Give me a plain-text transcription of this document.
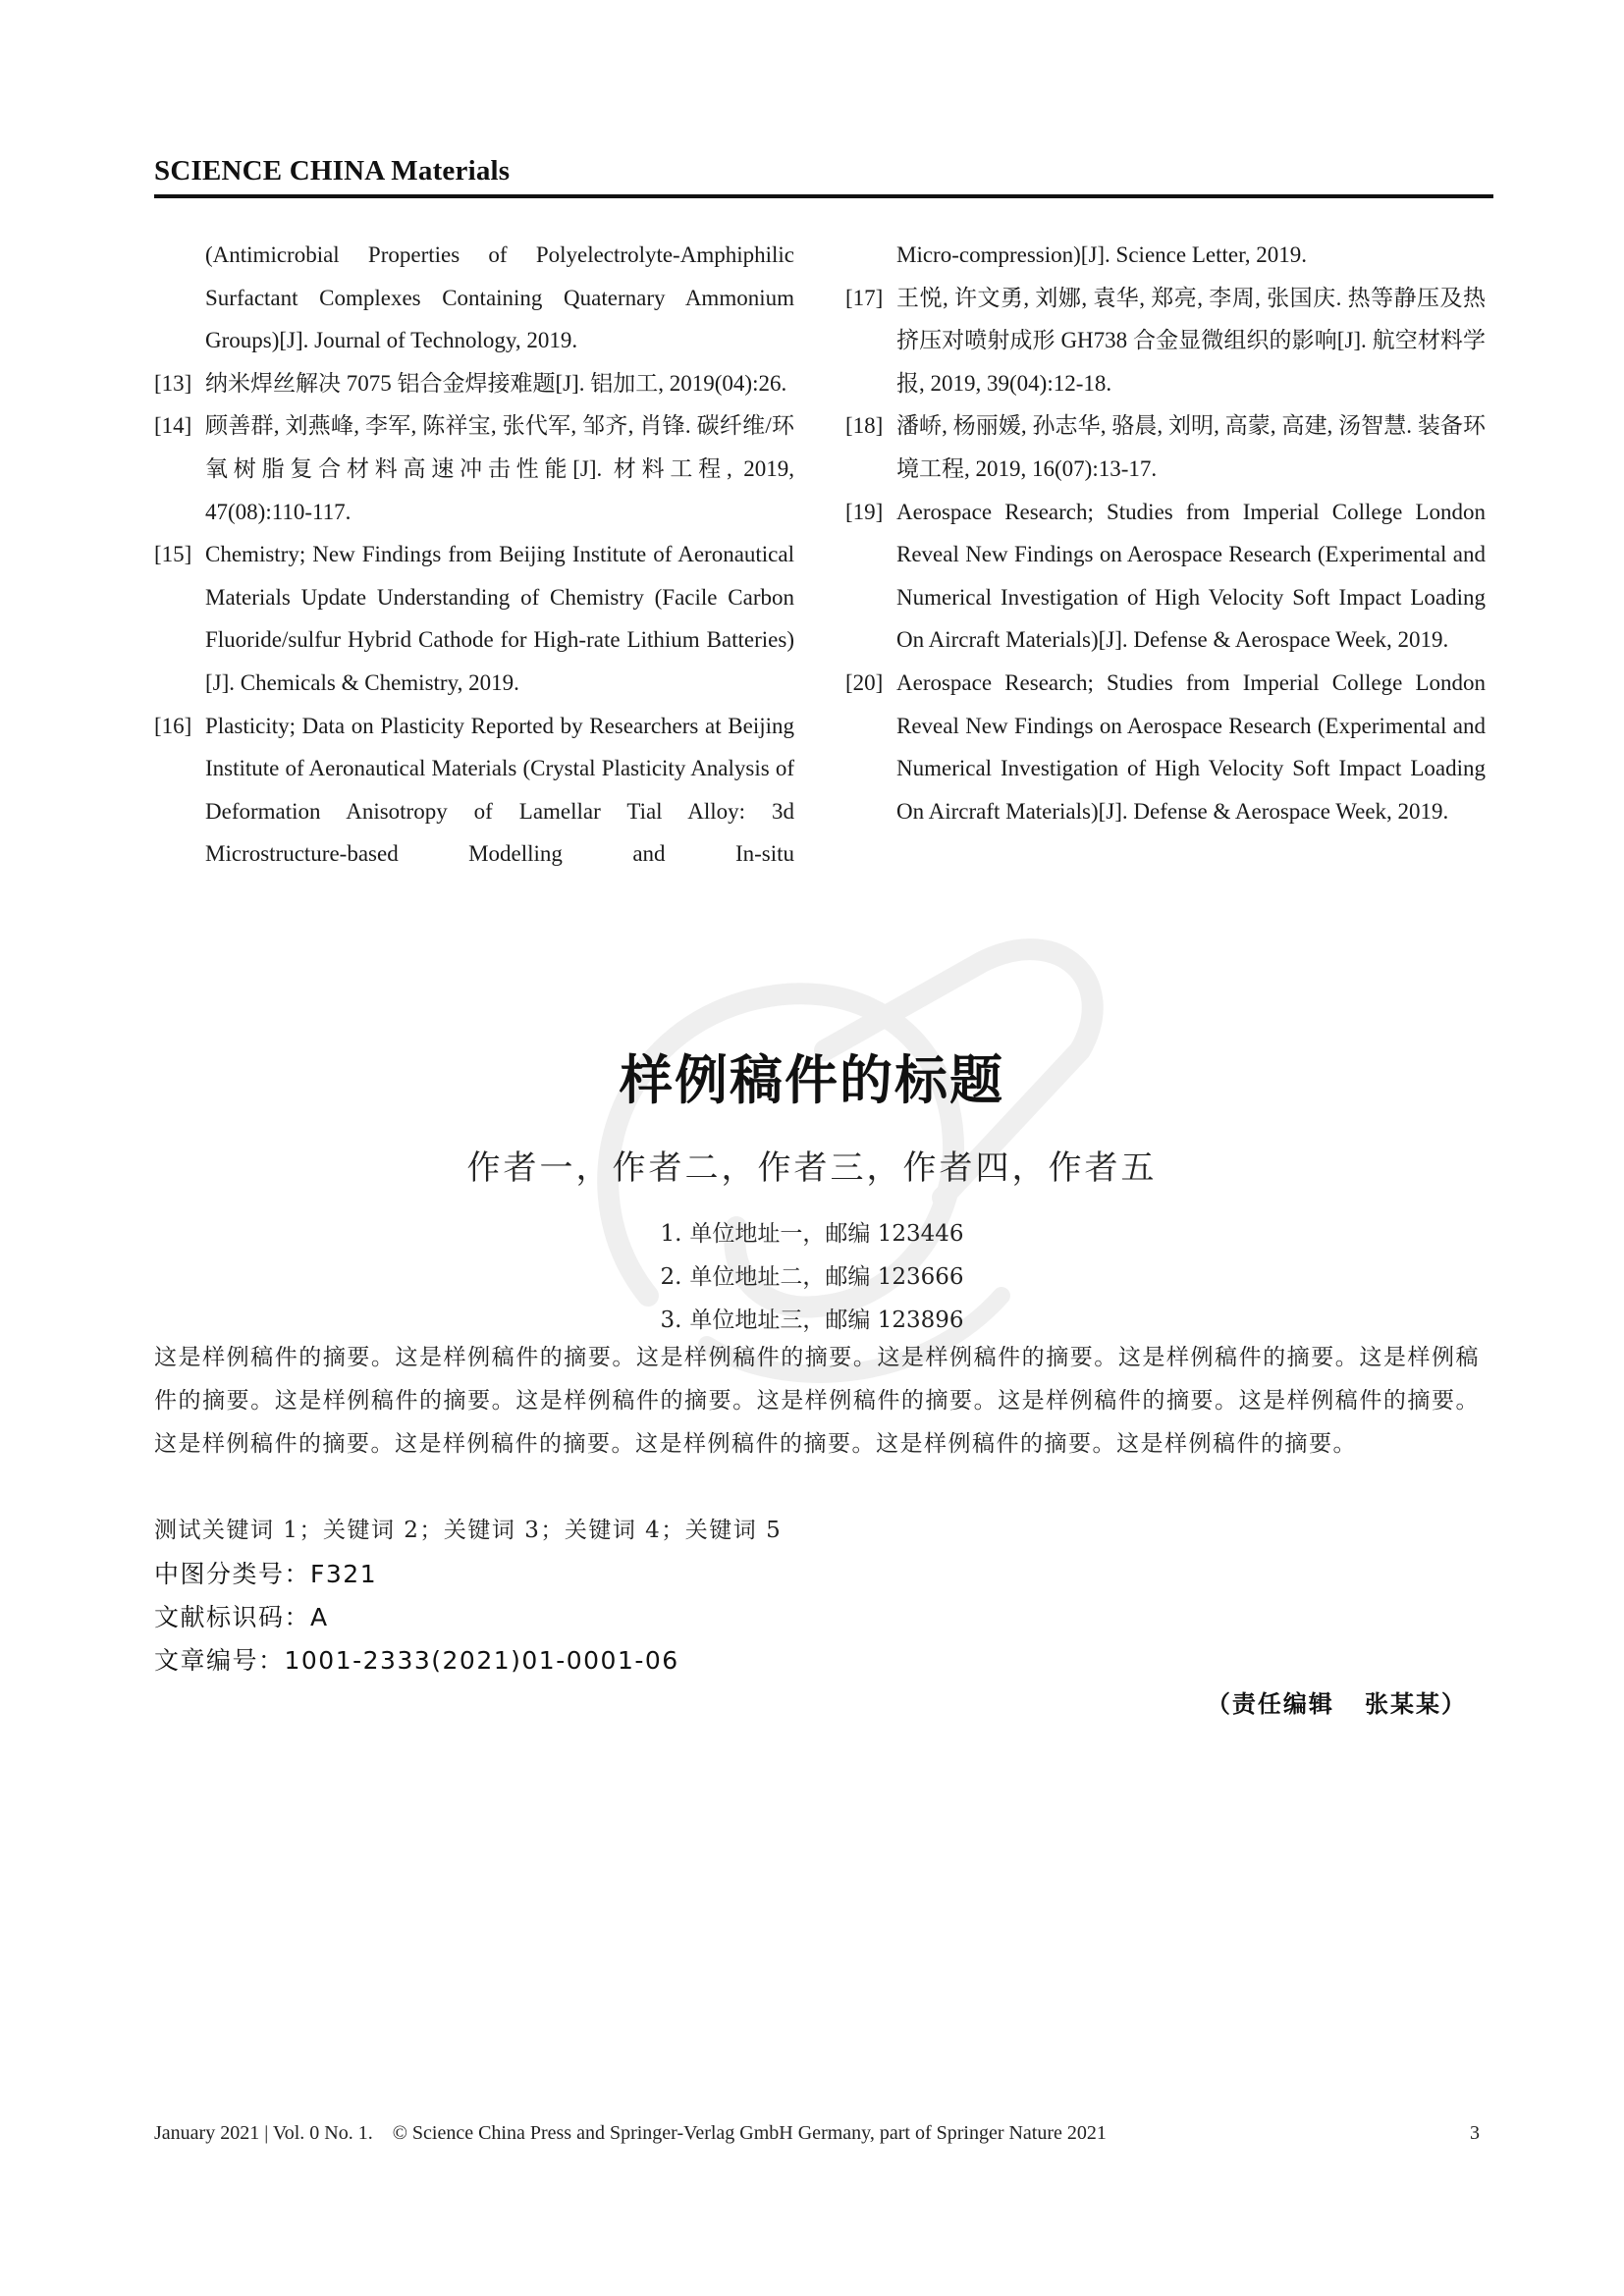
SCIENCE CHINA Materials
(Antimicrobial Properties of Polyelectrolyte-Amphiphilic
Surfactant Complexes Containing Quaternary Ammonium
Groups)[J]. Journal of Technology, 2019.
[13] 纳米焊丝解决 7075 铝合金焊接难题[J]. 铝加工, 2019(04):26.
[14] 顾善群, 刘燕峰, 李军, 陈祥宝, 张代军, 邹齐, 肖锋. 碳纤维/环氧树脂复合材料高速冲击性能[J]. 材料工程, 2019, 47(08):110-117.
[15] Chemistry; New Findings from Beijing Institute of Aeronautical Materials Update Understanding of Chemistry (Facile Carbon Fluoride/sulfur Hybrid Cathode for High-rate Lithium Batteries)[J]. Chemicals & Chemistry, 2019.
[16] Plasticity; Data on Plasticity Reported by Researchers at Beijing Institute of Aeronautical Materials (Crystal Plasticity Analysis of Deformation Anisotropy of Lamellar Tial Alloy: 3d Microstructure-based Modelling and In-situ
Micro-compression)[J]. Science Letter, 2019.
[17] 王悦, 许文勇, 刘娜, 袁华, 郑亮, 李周, 张国庆. 热等静压及热挤压对喷射成形 GH738 合金显微组织的影响[J]. 航空材料学报, 2019, 39(04):12-18.
[18] 潘峤, 杨丽媛, 孙志华, 骆晨, 刘明, 高蒙, 高建, 汤智慧. 装备环境工程, 2019, 16(07):13-17.
[19] Aerospace Research; Studies from Imperial College London Reveal New Findings on Aerospace Research (Experimental and Numerical Investigation of High Velocity Soft Impact Loading On Aircraft Materials)[J]. Defense & Aerospace Week, 2019.
[20] Aerospace Research; Studies from Imperial College London Reveal New Findings on Aerospace Research (Experimental and Numerical Investigation of High Velocity Soft Impact Loading On Aircraft Materials)[J]. Defense & Aerospace Week, 2019.
样例稿件的标题
作者一，作者二，作者三，作者四，作者五
1. 单位地址一，邮编 123446
2. 单位地址二，邮编 123666
3. 单位地址三，邮编 123896
这是样例稿件的摘要。这是样例稿件的摘要。这是样例稿件的摘要。这是样例稿件的摘要。这是样例稿件的摘要。这是样例稿件的摘要。这是样例稿件的摘要。这是样例稿件的摘要。这是样例稿件的摘要。这是样例稿件的摘要。这是样例稿件的摘要。这是样例稿件的摘要。这是样例稿件的摘要。这是样例稿件的摘要。这是样例稿件的摘要。这是样例稿件的摘要。
测试关键词 1；关键词 2；关键词 3；关键词 4；关键词 5
中图分类号：F321
文献标识码：A
文章编号：1001-2333(2021)01-0001-06
（责任编辑   张某某）
January 2021 | Vol. 0 No. 1.    © Science China Press and Springer-Verlag GmbH Germany, part of Springer Nature 2021	3
